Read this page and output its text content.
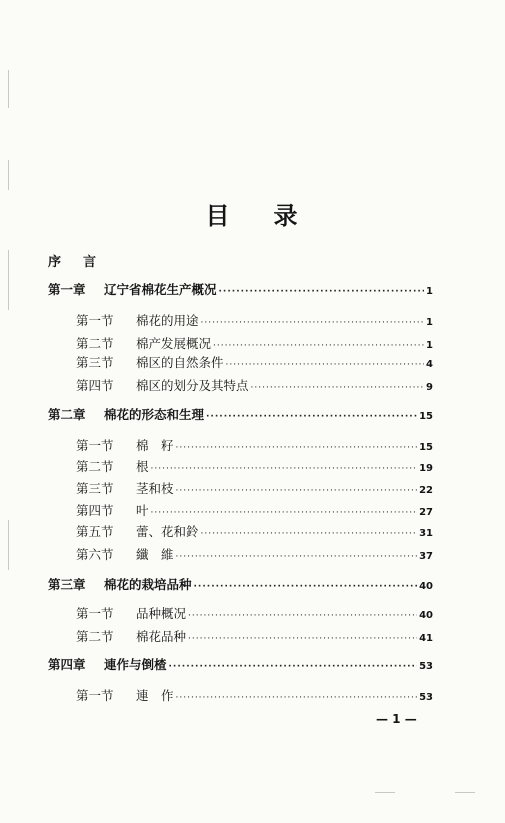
目 录
序 言
第一章	辽宁省棉花生产概况 ·····	1
第一节	棉花的用途 ·····	1
第二节	棉产发展概况 ·····	1
第三节	棉区的自然条件 ·····	4
第四节	棉区的划分及其特点 ·····	9
第二章	棉花的形态和生理 ·····	15
第一节	棉　籽 ·····	15
第二节	根 ·····	19
第三节	茎和枝 ·····	22
第四节	叶 ·····	27
第五节	蕾、花和鈴 ·····	31
第六节	纖　維 ·····	37
第三章	棉花的栽培品种 ·····	40
第一节	品种概况 ·····	40
第二节	棉花品种 ·····	41
第四章	連作与倒楂 ·····	53
第一节	連　作 ·····	53
— 1 —
